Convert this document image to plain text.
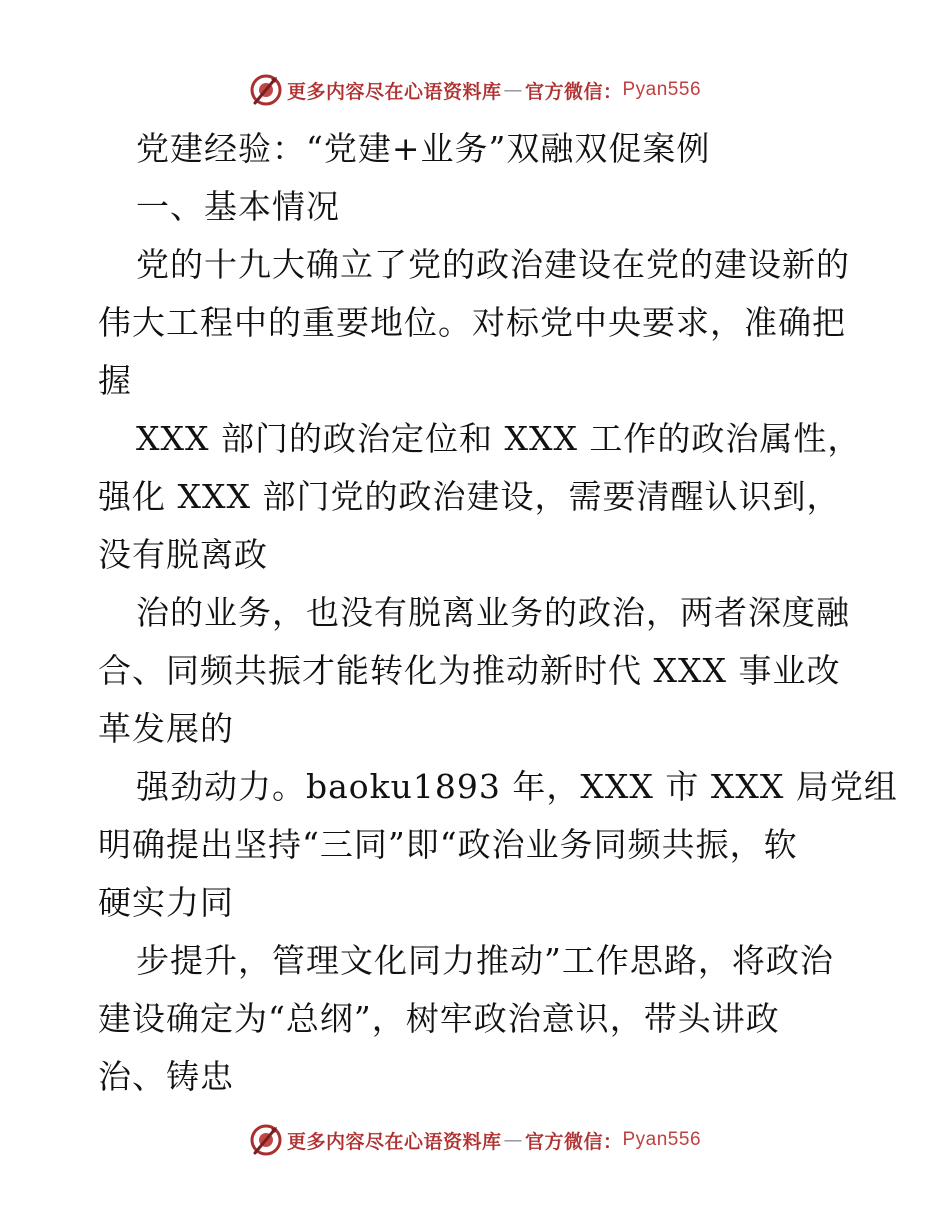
更多内容尽在心语资料库 — 官方微信： Pyan556
党建经验：“党建+业务”双融双促案例
一、基本情况
党的十九大确立了党的政治建设在党的建设新的
伟大工程中的重要地位。对标党中央要求，准确把
握
XXX 部门的政治定位和 XXX 工作的政治属性，
强化 XXX 部门党的政治建设，需要清醒认识到，
没有脱离政
治的业务，也没有脱离业务的政治，两者深度融
合、同频共振才能转化为推动新时代 XXX 事业改
革发展的
强劲动力。baoku1893 年，XXX 市 XXX 局党组
明确提出坚持“三同”即“政治业务同频共振，软
硬实力同
步提升，管理文化同力推动”工作思路，将政治
建设确定为“总纲”，树牢政治意识，带头讲政
治、铸忠
更多内容尽在心语资料库 — 官方微信： Pyan556
